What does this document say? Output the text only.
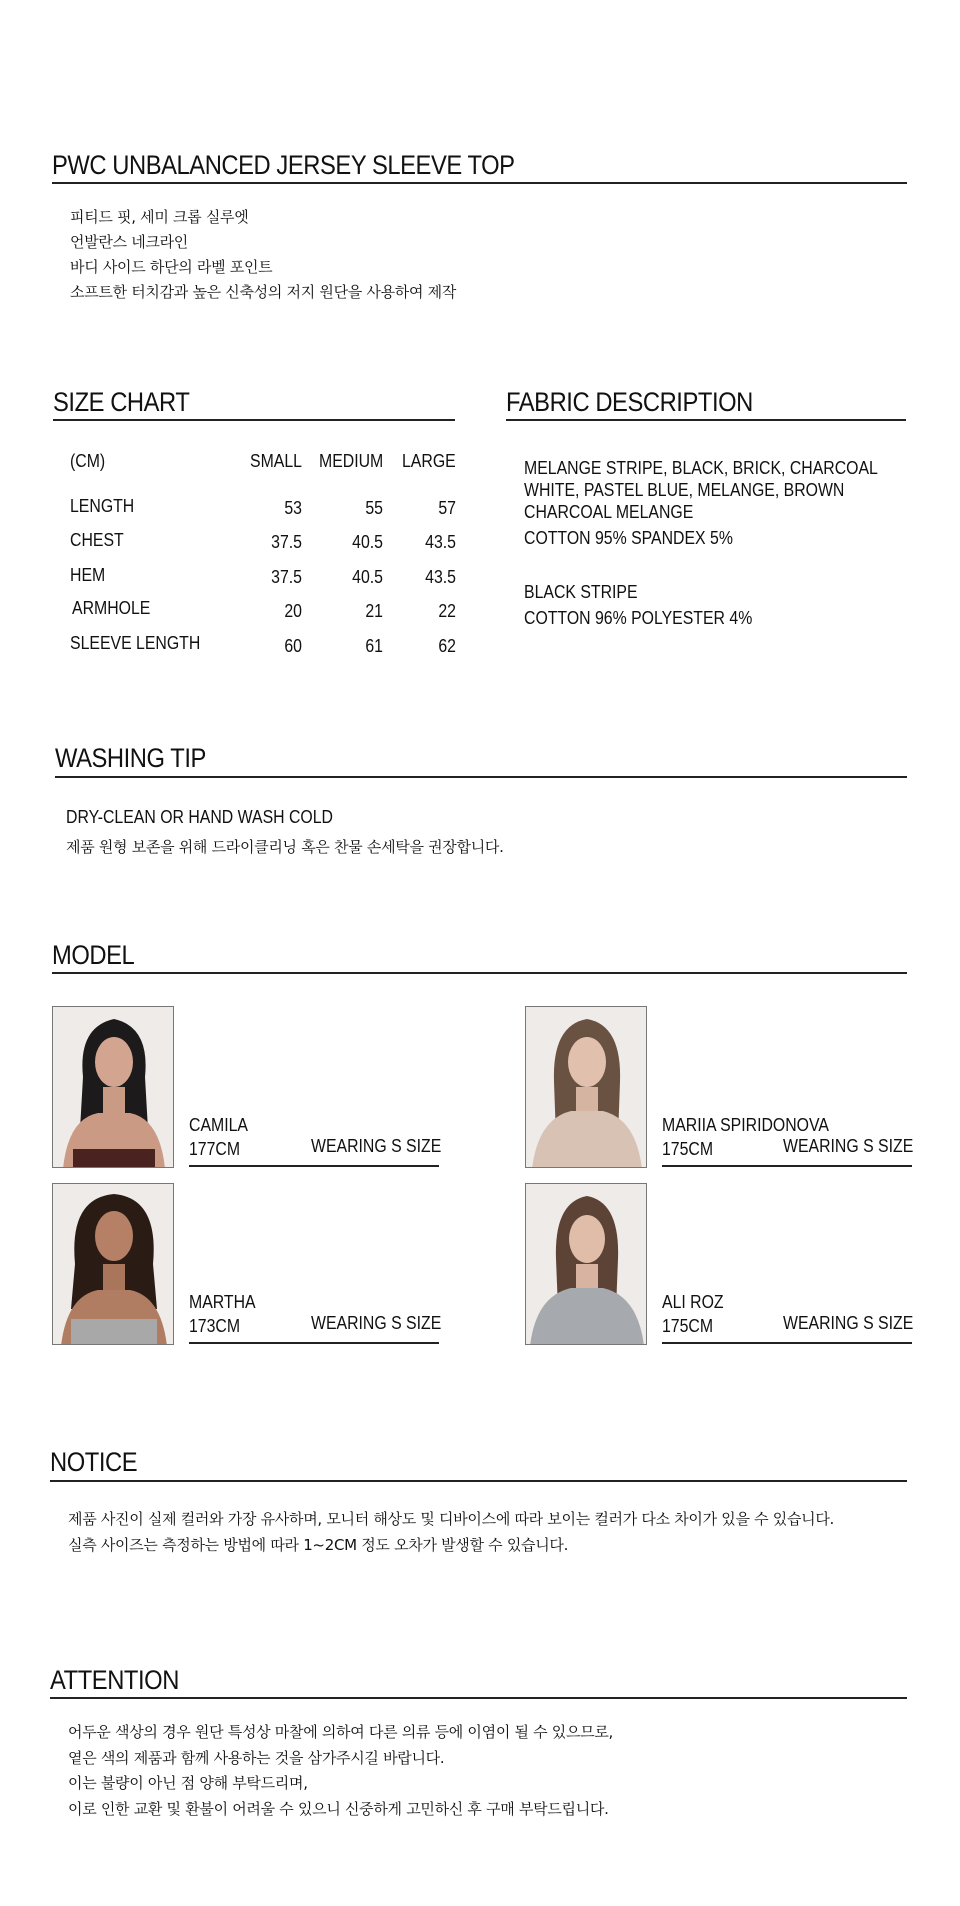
PWC UNBALANCED JERSEY SLEEVE TOP
피티드 핏, 세미 크롭 실루엣
언발란스 네크라인
바디 사이드 하단의 라벨 포인트
소프트한 터치감과 높은 신축성의 저지 원단을 사용하여 제작
SIZE CHART
(CM)	SMALL MEDIUM LARGE
LENGTH	53	55	57
CHEST	37.5	40.5	43.5
HEM	37.5	40.5	43.5
ARMHOLE	20	21	22
SLEEVE LENGTH	60	61	62
FABRIC DESCRIPTION
MELANGE STRIPE, BLACK, BRICK, CHARCOAL
WHITE, PASTEL BLUE, MELANGE, BROWN
CHARCOAL MELANGE
COTTON 95% SPANDEX 5%
BLACK STRIPE
COTTON 96% POLYESTER 4%
WASHING TIP
DRY-CLEAN OR HAND WASH COLD
제품 원형 보존을 위해 드라이클리닝 혹은 찬물 손세탁을 권장합니다.
MODEL
CAMILA
177CM	WEARING S SIZE
MARIIA SPIRIDONOVA
175CM	WEARING S SIZE
MARTHA
173CM	WEARING S SIZE
ALI ROZ
175CM	WEARING S SIZE
NOTICE
제품 사진이 실제 컬러와 가장 유사하며, 모니터 해상도 및 디바이스에 따라 보이는 컬러가 다소 차이가 있을 수 있습니다.
실측 사이즈는 측정하는 방법에 따라 1~2CM 정도 오차가 발생할 수 있습니다.
ATTENTION
어두운 색상의 경우 원단 특성상 마찰에 의하여 다른 의류 등에 이염이 될 수 있으므로,
옅은 색의 제품과 함께 사용하는 것을 삼가주시길 바랍니다.
이는 불량이 아닌 점 양해 부탁드리며,
이로 인한 교환 및 환불이 어려울 수 있으니 신중하게 고민하신 후 구매 부탁드립니다.
